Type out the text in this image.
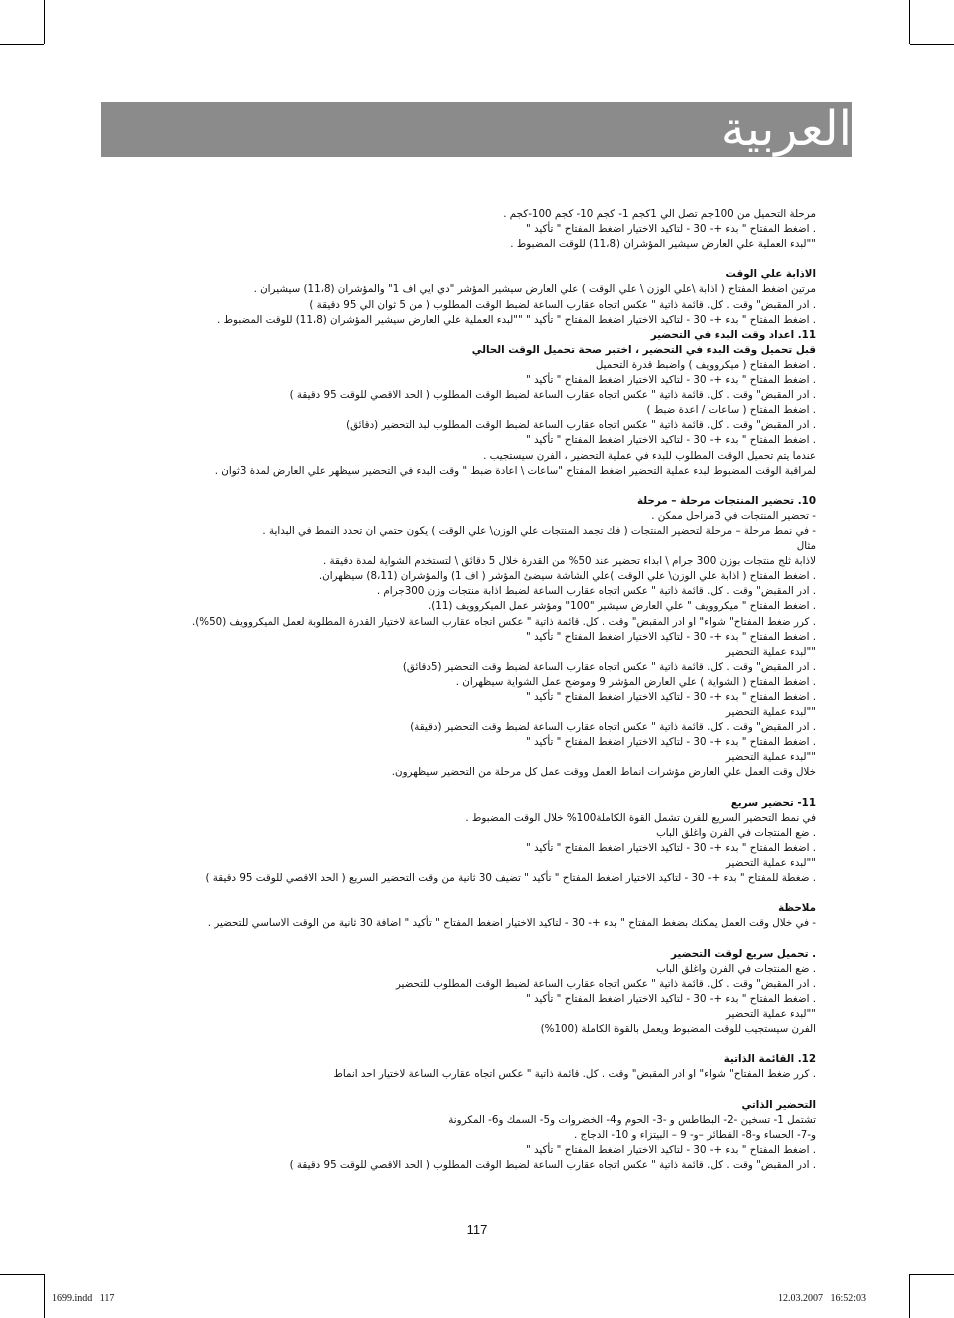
العربية
مرحلة التحميل من 100جم تصل الي 1كجم 1- كجم 10- كجم 100-كجم .
. اضغط المفتاح " بدء +- 30 - لتاكيد الاختيار اضغط المفتاح " تأكيد "
""لبدء العملية علي العارض سيشير المؤشران (11،8) للوقت المضبوط .
الاذابة علي الوقت
مرتين اضغط المفتاح ( اذابة \علي الوزن \ علي الوقت ) علي العارض سيشير المؤشر "دي ايي اف 1" والمؤشران (11،8) سيشيران .
. ادر المقبض" وقت . كل. قائمة ذاتية " عكس اتجاه عقارب الساعة لضبط الوقت المطلوب ( من 5 ثوان الي 95 دقيقة )
. اضغط المفتاح " بدء +- 30 - لتاكيد الاختيار اضغط المفتاح " تأكيد " ""لبدء العملية علي العارض سيشير المؤشران (11،8) للوقت المضبوط .
11. اعداد وقت البدء في التحضير
قبل تحميل وقت البدء في التحضير ، اختبر صحة تحميل الوقت الحالي
. اضغط المفتاح ( ميكروويف ) واضبط قدرة التحميل
. اضغط المفتاح " بدء +- 30 - لتاكيد الاختيار اضغط المفتاح " تأكيد "
. ادر المقبض" وقت . كل. قائمة ذاتية " عكس اتجاه عقارب الساعة لضبط الوقت المطلوب ( الحد الاقصي للوقت 95 دقيقة )
. اضغط المفتاح ( ساعات / اعدة ضبط )
. ادر المقبض" وقت . كل. قائمة ذاتية " عكس اتجاه عقارب الساعة لضبط الوقت المطلوب لبد التحضير (دقائق)
. اضغط المفتاح " بدء +- 30 - لتاكيد الاختيار اضغط المفتاح " تأكيد "
عندما يتم تحميل الوقت المطلوب للبدء في عملية التحضير ، الفرن سيستجيب .
لمراقبة الوقت المضبوط لبدء عملية التحضير اضغط المفتاح "ساعات \ اعادة ضبط " وقت البدء في التحضير سيظهر علي العارض لمدة 3ثوان .
10. تحضير المنتجات مرحلة – مرحلة
- تحضير المنتجات في 3مراحل ممكن .
- في نمط مرحلة – مرحلة لتحضير المنتجات ( فك تجمد المنتجات علي الوزن\ علي الوقت ) يكون حتمي ان تحدد النمط في البداية .
مثال
لاذابة ثلج منتجات بوزن 300 جرام \ ابداء تحضير عند 50% من القدرة خلال 5 دقائق \ لتستخدم الشواية لمدة دقيقة .
. اضغط المفتاح ( اذابة علي الوزن\ علي الوقت )علي الشاشة سيضئ المؤشر ( اف 1) والمؤشران (8،11) سيظهران.
. ادر المقبض" وقت . كل. قائمة ذاتية " عكس اتجاه عقارب الساعة لضبط اذابة منتجات وزن 300جرام .
. اضغط المفتاح " ميكروويف " علي العارض سيشير "100" ومؤشر عمل الميكروويف (11).
. كرر ضغط المفتاح" شواء" او ادر المقبض" وقت . كل. قائمة ذاتية " عكس اتجاه عقارب الساعة لاختيار القدرة المطلوبة لعمل الميكروويف (50%).
. اضغط المفتاح " بدء +- 30 - لتاكيد الاختيار اضغط المفتاح " تأكيد "
""لبدء عملية التحضير
. ادر المقبض" وقت . كل. قائمة ذاتية " عكس اتجاه عقارب الساعة لضبط وقت التحضير (5دقائق)
. اضغط المفتاح ( الشواية ) علي العارض المؤشر 9 وموضح عمل الشواية سيظهران .
. اضغط المفتاح " بدء +- 30 - لتاكيد الاختيار اضغط المفتاح " تأكيد "
""لبدء عملية التحضير
. ادر المقبض" وقت . كل. قائمة ذاتية " عكس اتجاه عقارب الساعة لضبط وقت التحضير (دقيقة)
. اضغط المفتاح " بدء +- 30 - لتاكيد الاختيار اضغط المفتاح " تأكيد "
""لبدء عملية التحضير
خلال وقت العمل علي العارض مؤشرات انماط العمل ووقت عمل كل مرحلة من التحضير سيظهرون.
11- تحضير سريع
في نمط التحضير السريع للفرن تشمل القوة الكاملة100% خلال الوقت المضبوط .
. ضع المنتجات في الفرن واغلق الباب
. اضغط المفتاح " بدء +- 30 - لتاكيد الاختيار اضغط المفتاح " تأكيد "
""لبدء عملية التحضير
. ضغطة للمفتاح " بدء +- 30 - لتاكيد الاختيار اضغط المفتاح " تأكيد " تضيف 30 ثانية من وقت التحضير السريع ( الحد الاقصي للوقت 95 دقيقة )
ملاحظة
- في خلال وقت العمل يمكنك بضغط المفتاح " بدء +- 30 - لتاكيد الاختيار اضغط المفتاح " تأكيد " اضافة 30 ثانية من الوقت الاساسي للتحضير .
. تحميل سريع لوقت التحضير
. ضع المنتجات في الفرن واغلق الباب
. ادر المقبض" وقت . كل. قائمة ذاتية " عكس اتجاه عقارب الساعة لضبط الوقت المطلوب للتحضير
. اضغط المفتاح " بدء +- 30 - لتاكيد الاختيار اضغط المفتاح " تأكيد "
""لبدء عملية التحضير
الفرن سيستجيب للوقت المضبوط ويعمل بالقوة الكاملة (100%)
12. القائمة الذاتية
. كرر ضغط المفتاح" شواء" او ادر المقبض" وقت . كل. قائمة ذاتية " عكس اتجاه عقارب الساعة لاختيار احد انماط
التحضير الذاتي
تشتمل 1- تسخين -2- البطاطس و -3- الحوم و4- الخضروات و5- السمك و6- المكرونة
و-7- الحساء و-8- الفطائر –و- 9 – البيتزاء و 10- الدجاج .
. اضغط المفتاح " بدء +- 30 - لتاكيد الاختيار اضغط المفتاح " تأكيد "
. ادر المقبض" وقت . كل. قائمة ذاتية " عكس اتجاه عقارب الساعة لضبط الوقت المطلوب ( الحد الاقصي للوقت 95 دقيقة )
117
1699.indd   117	12.03.2007   16:52:03
